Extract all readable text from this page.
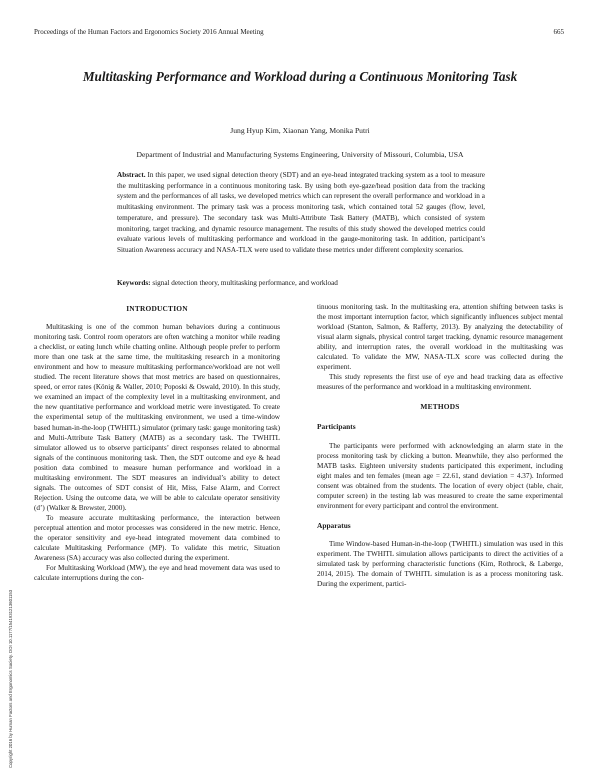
Proceedings of the Human Factors and Ergonomics Society 2016 Annual Meeting	665
Multitasking Performance and Workload during a Continuous Monitoring Task
Jung Hyup Kim, Xiaonan Yang, Monika Putri
Department of Industrial and Manufacturing Systems Engineering, University of Missouri, Columbia, USA
Abstract. In this paper, we used signal detection theory (SDT) and an eye-head integrated tracking system as a tool to measure the multitasking performance in a continuous monitoring task. By using both eye-gaze/head position data from the tracking system and the performances of all tasks, we developed metrics which can represent the overall performance and workload in a multitasking environment. The primary task was a process monitoring task, which contained total 52 gauges (flow, level, temperature, and pressure). The secondary task was Multi-Attribute Task Battery (MATB), which consisted of system monitoring, target tracking, and dynamic resource management. The results of this study showed the developed metrics could evaluate various levels of multitasking performance and workload in the gauge-monitoring task. In addition, participant’s Situation Awareness accuracy and NASA-TLX were used to validate these metrics under different complexity scenarios.
Keywords: signal detection theory, multitasking performance, and workload
INTRODUCTION

Multitasking is one of the common human behaviors during a continuous monitoring task. Control room operators are often watching a monitor while reading a checklist, or eating lunch while chatting online. Although people prefer to perform more than one task at the same time, the multitasking research in a monitoring environment and how to measure multitasking performance/workload are not well studied. The recent literature shows that most metrics are based on questionnaires, speed, or error rates (König & Waller, 2010; Poposki & Oswald, 2010). In this study, we examined an impact of the complexity level in a multitasking environment, and the new quantitative performance and workload metric were investigated. To create the experimental setup of the multitasking environment, we used a time-window based human-in-the-loop (TWHITL) simulator (primary task: gauge monitoring task) and Multi-Attribute Task Battery (MATB) as a secondary task. The TWHITL simulator allowed us to observe participants’ direct responses related to abnormal signals of the continuous monitoring task. Then, the SDT outcome and eye & head position data combined to measure human performance and workload in a multitasking environment. The SDT measures an individual’s ability to detect signals. The outcomes of SDT consist of Hit, Miss, False Alarm, and Correct Rejection. Using the outcome data, we will be able to calculate operator sensitivity (d’) (Walker & Brewster, 2000).

To measure accurate multitasking performance, the interaction between perceptual attention and motor processes was considered in the new metric. Hence, the operator sensitivity and eye-head integrated movement data combined to calculate Multitasking Performance (MP). To validate this metric, Situation Awareness (SA) accuracy was also collected during the experiment.

For Multitasking Workload (MW), the eye and head movement data was used to calculate interruptions during the con-

tinuous monitoring task. In the multitasking era, attention shifting between tasks is the most important interruption factor, which significantly influences subject mental workload (Stanton, Salmon, & Rafferty, 2013). By analyzing the detectability of visual alarm signals, physical control target tracking, dynamic resource management ability, and interruption rates, the overall workload in the multitasking was calculated. To validate the MW, NASA-TLX score was collected during the experiment.

This study represents the first use of eye and head tracking data as effective measures of the performance and workload in a multitasking environment.

METHODS
Participants

The participants were performed with acknowledging an alarm state in the process monitoring task by clicking a button. Meanwhile, they also performed the MATB tasks. Eighteen university students participated this experiment, including eight males and ten females (mean age = 22.61, stand deviation = 4.37). Informed consent was obtained from the students. The location of every object (table, chair, computer screen) in the testing lab was measured to create the same experimental environment for every participant and control the environment.

Apparatus

Time Window-based Human-in-the-loop (TWHITL) simulation was used in this experiment. The TWHITL simulation allows participants to direct the activities of a simulated task by performing characteristic functions (Kim, Rothrock, & Laberge, 2014, 2015). The domain of TWHITL simulation is as a process monitoring task. During the experiment, partici-

Copyright 2016 by Human Factors and Ergonomics Society. DOI 10.1177/1541931213601153
